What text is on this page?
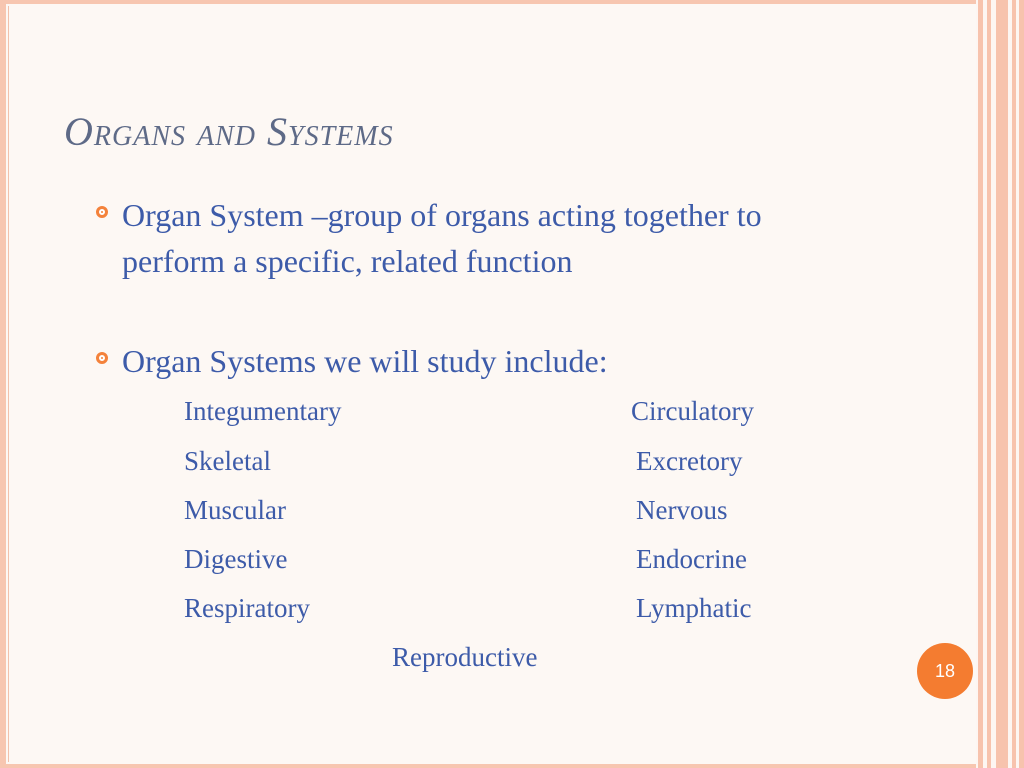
Organs and Systems
Organ System –group of organs acting together to perform a specific, related function
Organ Systems we will study include:
Integumentary
Skeletal
Muscular
Digestive
Respiratory
Circulatory
Excretory
Nervous
Endocrine
Lymphatic
Reproductive	18
